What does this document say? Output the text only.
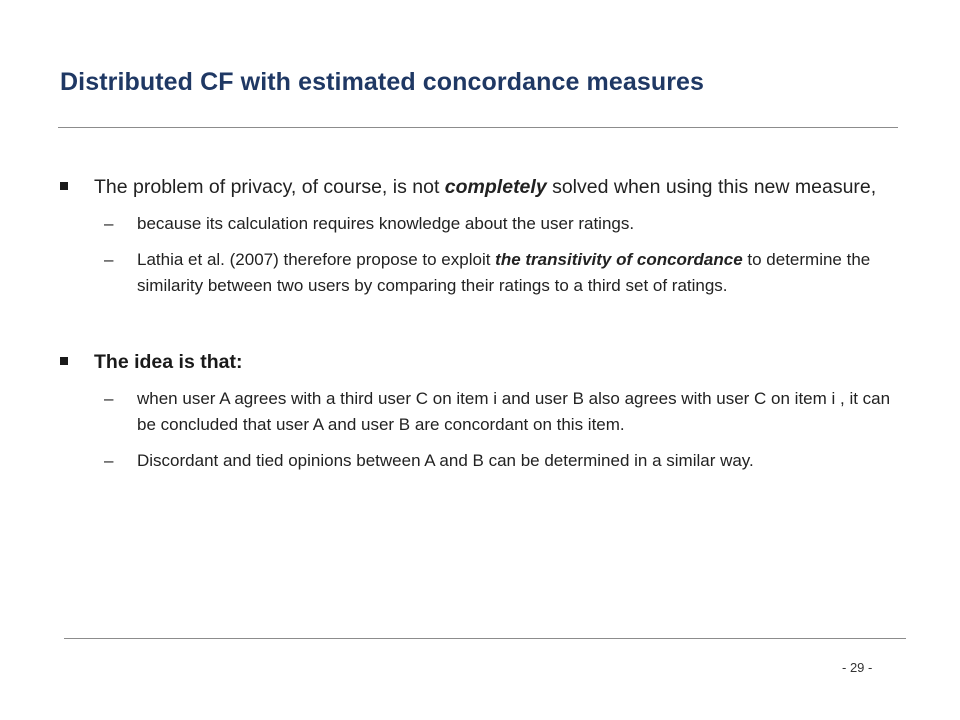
Distributed CF with estimated concordance measures
The problem of privacy, of course, is not completely solved when using this new measure,
– because its calculation requires knowledge about the user ratings.
– Lathia et al. (2007) therefore propose to exploit the transitivity of concordance to determine the similarity between two users by comparing their ratings to a third set of ratings.
The idea is that:
– when user A agrees with a third user C on item i and user B also agrees with user C on item i , it can be concluded that user A and user B are concordant on this item.
– Discordant and tied opinions between A and B can be determined in a similar way.
- 29 -
